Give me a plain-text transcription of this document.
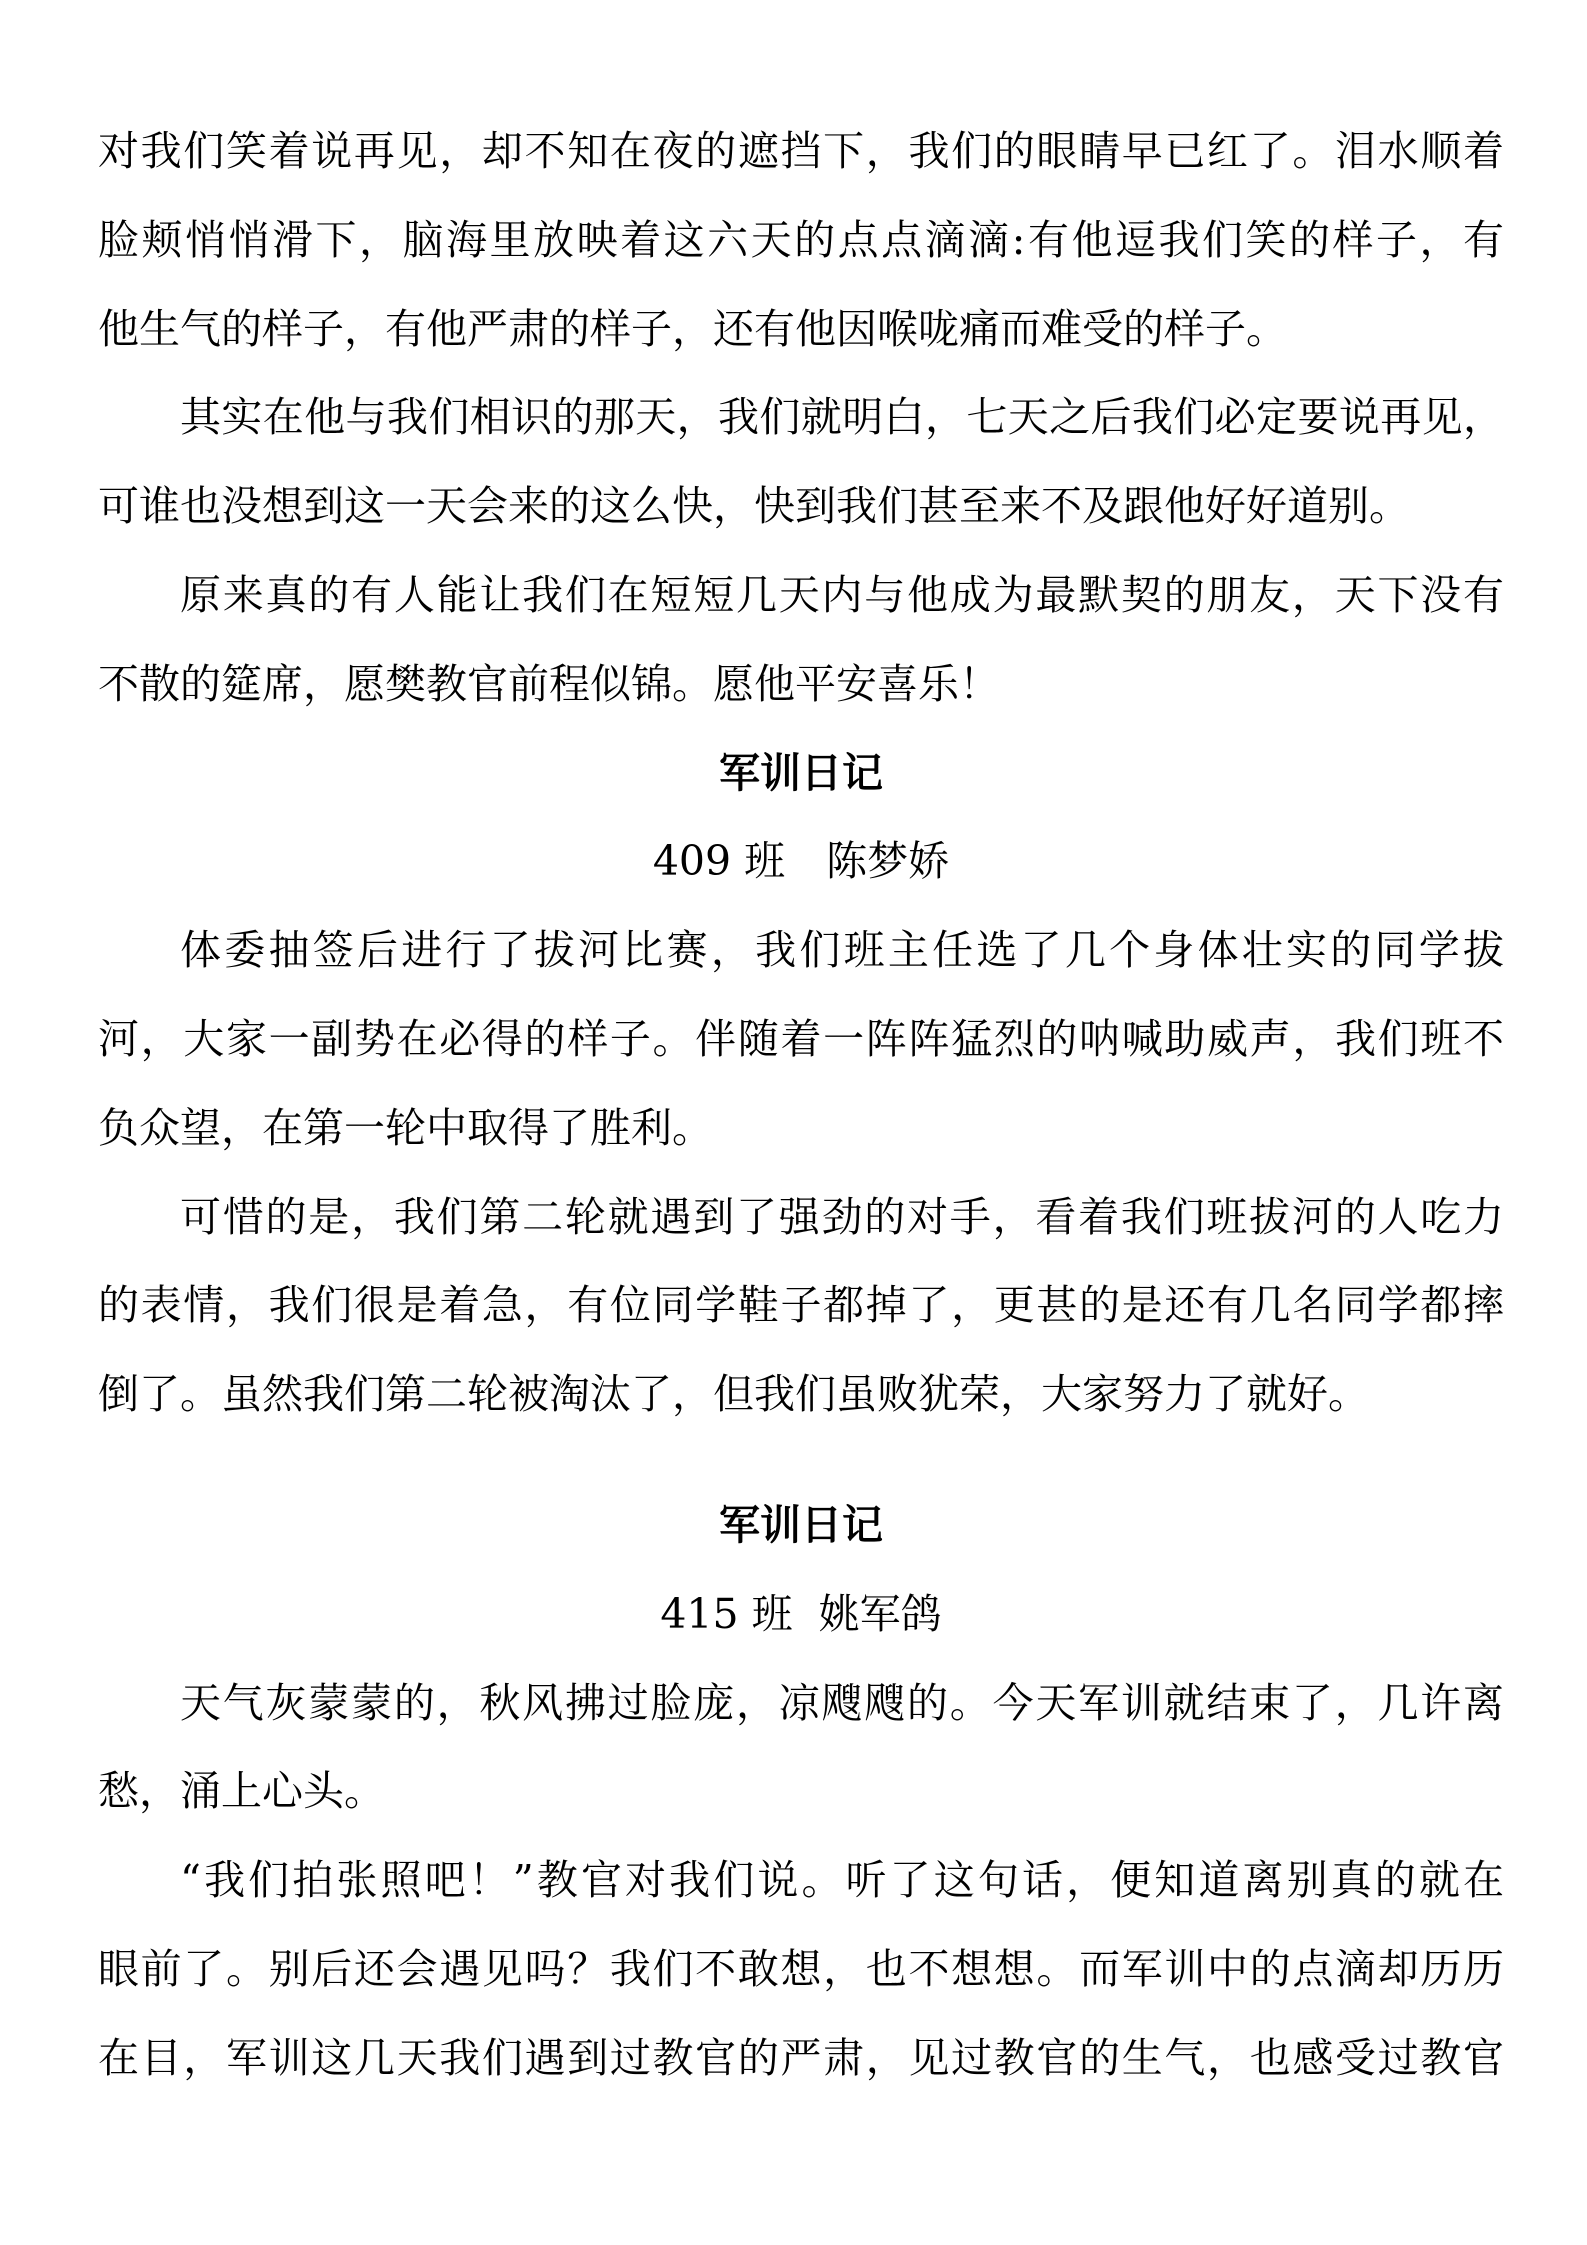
对我们笑着说再见，却不知在夜的遮挡下，我们的眼睛早已红了。泪水顺着
脸颊悄悄滑下，脑海里放映着这六天的点点滴滴:有他逗我们笑的样子，有
他生气的样子，有他严肃的样子，还有他因喉咙痛而难受的样子。
其实在他与我们相识的那天，我们就明白，七天之后我们必定要说再见，
可谁也没想到这一天会来的这么快，快到我们甚至来不及跟他好好道别。
原来真的有人能让我们在短短几天内与他成为最默契的朋友，天下没有
不散的筵席，愿樊教官前程似锦。愿他平安喜乐！
军训日记
409 班　陈梦娇
体委抽签后进行了拔河比赛，我们班主任选了几个身体壮实的同学拔
河，大家一副势在必得的样子。伴随着一阵阵猛烈的呐喊助威声，我们班不
负众望，在第一轮中取得了胜利。
可惜的是，我们第二轮就遇到了强劲的对手，看着我们班拔河的人吃力
的表情，我们很是着急，有位同学鞋子都掉了，更甚的是还有几名同学都摔
倒了。虽然我们第二轮被淘汰了，但我们虽败犹荣，大家努力了就好。
军训日记
415 班  姚军鸽
天气灰蒙蒙的，秋风拂过脸庞，凉飕飕的。今天军训就结束了，几许离
愁，涌上心头。
“我们拍张照吧！”教官对我们说。听了这句话，便知道离别真的就在
眼前了。别后还会遇见吗？我们不敢想，也不想想。而军训中的点滴却历历
在目，军训这几天我们遇到过教官的严肃，见过教官的生气，也感受过教官
